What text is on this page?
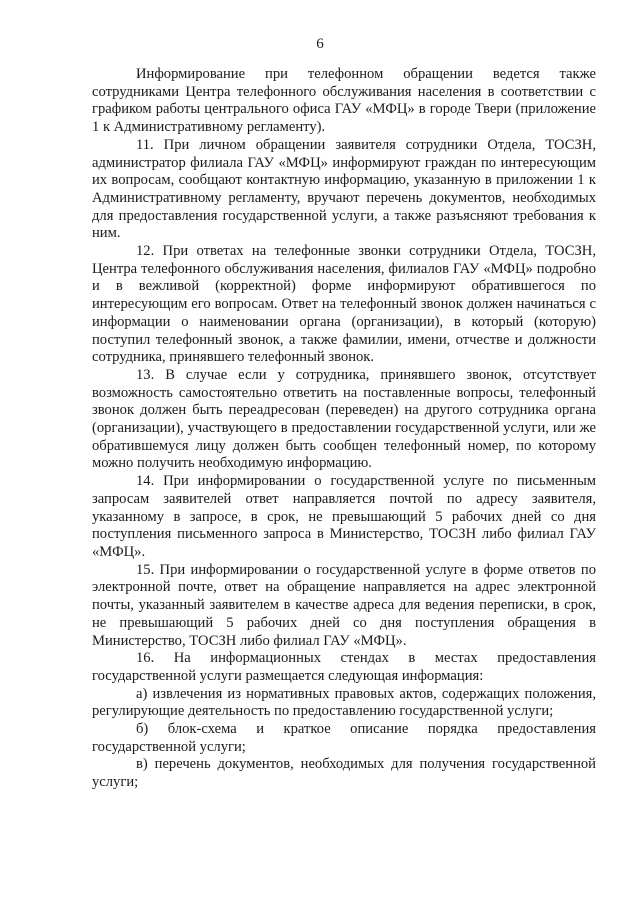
6

Информирование при телефонном обращении ведется также сотрудниками Центра телефонного обслуживания населения в соответствии с графиком работы центрального офиса ГАУ «МФЦ» в городе Твери (приложение 1 к Административному регламенту).

11. При личном обращении заявителя сотрудники Отдела, ТОСЗН, администратор филиала ГАУ «МФЦ» информируют граждан по интересующим их вопросам, сообщают контактную информацию, указанную в приложении 1 к Административному регламенту, вручают перечень документов, необходимых для предоставления государственной услуги, а также разъясняют требования к ним.

12. При ответах на телефонные звонки сотрудники Отдела, ТОСЗН, Центра телефонного обслуживания населения, филиалов ГАУ «МФЦ» подробно и в вежливой (корректной) форме информируют обратившегося по интересующим его вопросам. Ответ на телефонный звонок должен начинаться с информации о наименовании органа (организации), в который (которую) поступил телефонный звонок, а также фамилии, имени, отчестве и должности сотрудника, принявшего телефонный звонок.

13. В случае если у сотрудника, принявшего звонок, отсутствует возможность самостоятельно ответить на поставленные вопросы, телефонный звонок должен быть переадресован (переведен) на другого сотрудника органа (организации), участвующего в предоставлении государственной услуги, или же обратившемуся лицу должен быть сообщен телефонный номер, по которому можно получить необходимую информацию.

14. При информировании о государственной услуге по письменным запросам заявителей ответ направляется почтой по адресу заявителя, указанному в запросе, в срок, не превышающий 5 рабочих дней со дня поступления письменного запроса в Министерство, ТОСЗН либо филиал ГАУ «МФЦ».

15. При информировании о государственной услуге в форме ответов по электронной почте, ответ на обращение направляется на адрес электронной почты, указанный заявителем в качестве адреса для ведения переписки, в срок, не превышающий 5 рабочих дней со дня поступления обращения в Министерство, ТОСЗН либо филиал ГАУ «МФЦ».

16. На информационных стендах в местах предоставления государственной услуги размещается следующая информация:

а) извлечения из нормативных правовых актов, содержащих положения, регулирующие деятельность по предоставлению государственной услуги;

б) блок-схема и краткое описание порядка предоставления государственной услуги;

в) перечень документов, необходимых для получения государственной услуги;
